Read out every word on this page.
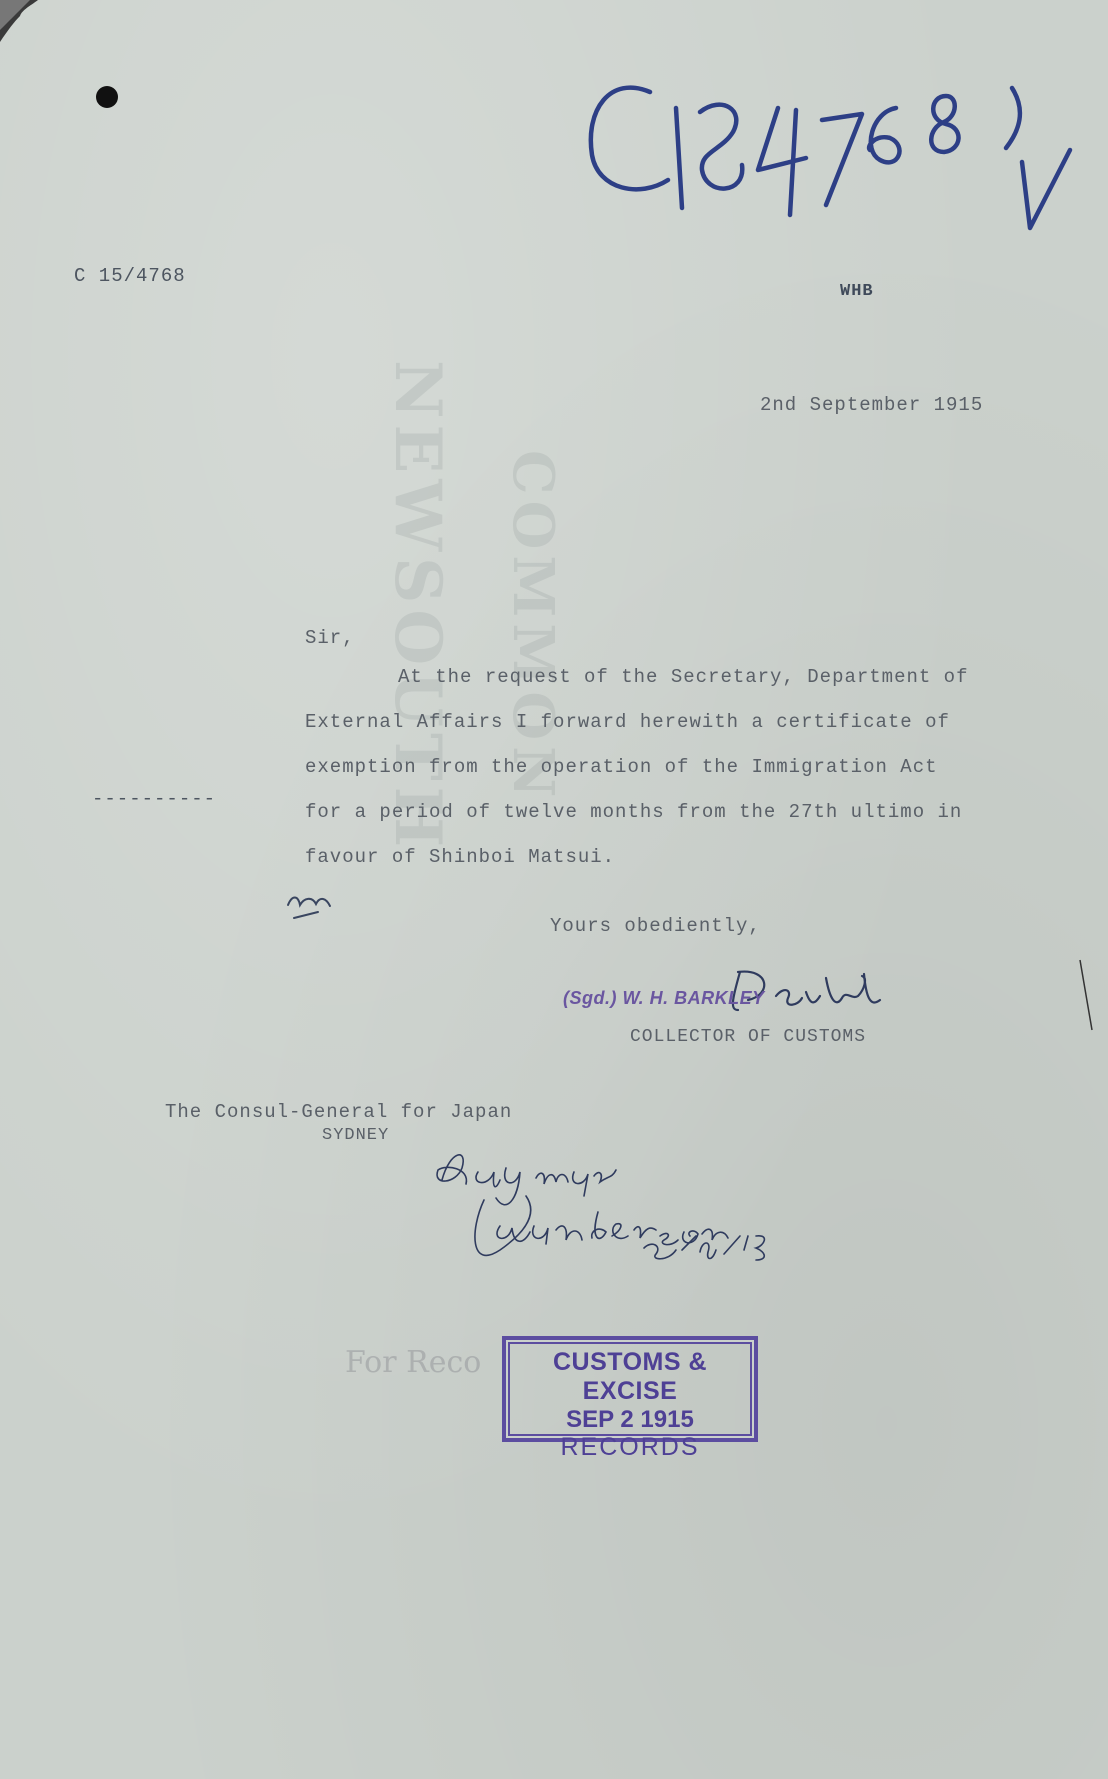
NEWSOUTH COMMON
C 15/4768
WHB
2nd September 1915
Sir,
At the request of the Secretary, Department of
External Affairs I forward herewith a certificate of
exemption from the operation of the Immigration Act
for a period of twelve months from the 27th ultimo in
favour of Shinboi Matsui.
----------
Yours obediently,
(Sgd.) W. H. BARKLEY
COLLECTOR OF CUSTOMS
The Consul-General for Japan
SYDNEY
For Reco	CUSTOMS & EXCISE
SEP 2 1915
RECORDS
